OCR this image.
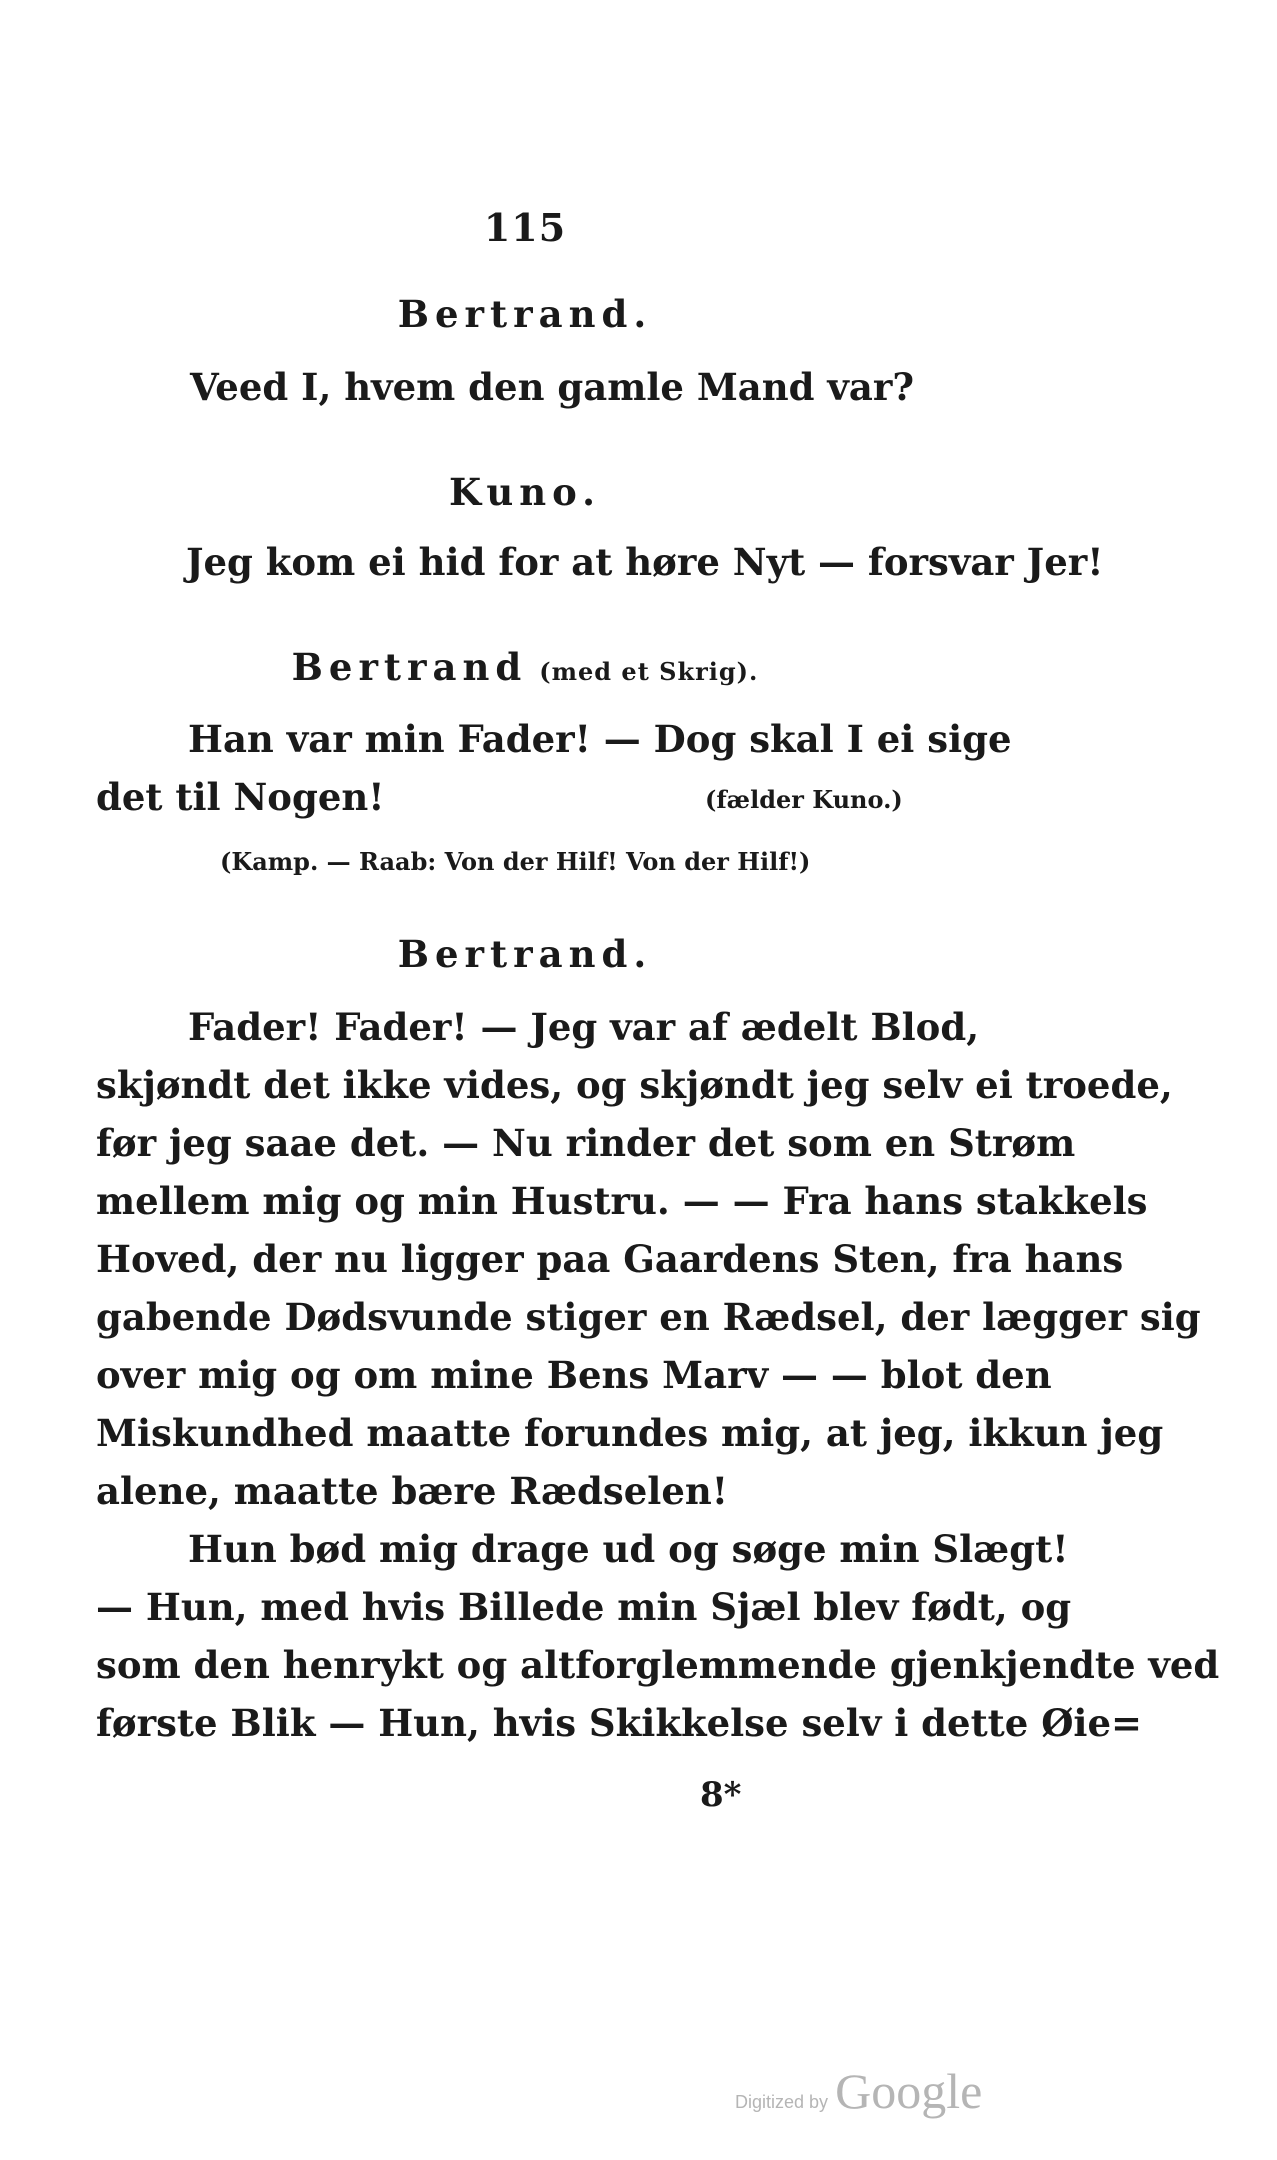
115
Bertrand.
Veed I, hvem den gamle Mand var?
Kuno.
Jeg kom ei hid for at høre Nyt — forsvar Jer!
Bertrand (med et Skrig).
Han var min Fader! — Dog skal I ei sige
det til Nogen!	(fælder Kuno.)
(Kamp. — Raab: Von der Hilf! Von der Hilf!)
Bertrand.
Fader! Fader! — Jeg var af ædelt Blod,
skjøndt det ikke vides, og skjøndt jeg selv ei troede,
før jeg saae det. — Nu rinder det som en Strøm
mellem mig og min Hustru. — — Fra hans stakkels
Hoved, der nu ligger paa Gaardens Sten, fra hans
gabende Dødsvunde stiger en Rædsel, der lægger sig
over mig og om mine Bens Marv — — blot den
Miskundhed maatte forundes mig, at jeg, ikkun jeg
alene, maatte bære Rædselen!
Hun bød mig drage ud og søge min Slægt!
— Hun, med hvis Billede min Sjæl blev født, og
som den henrykt og altforglemmende gjenkjendte ved
første Blik — Hun, hvis Skikkelse selv i dette Øie=
8*
Digitized by Google
